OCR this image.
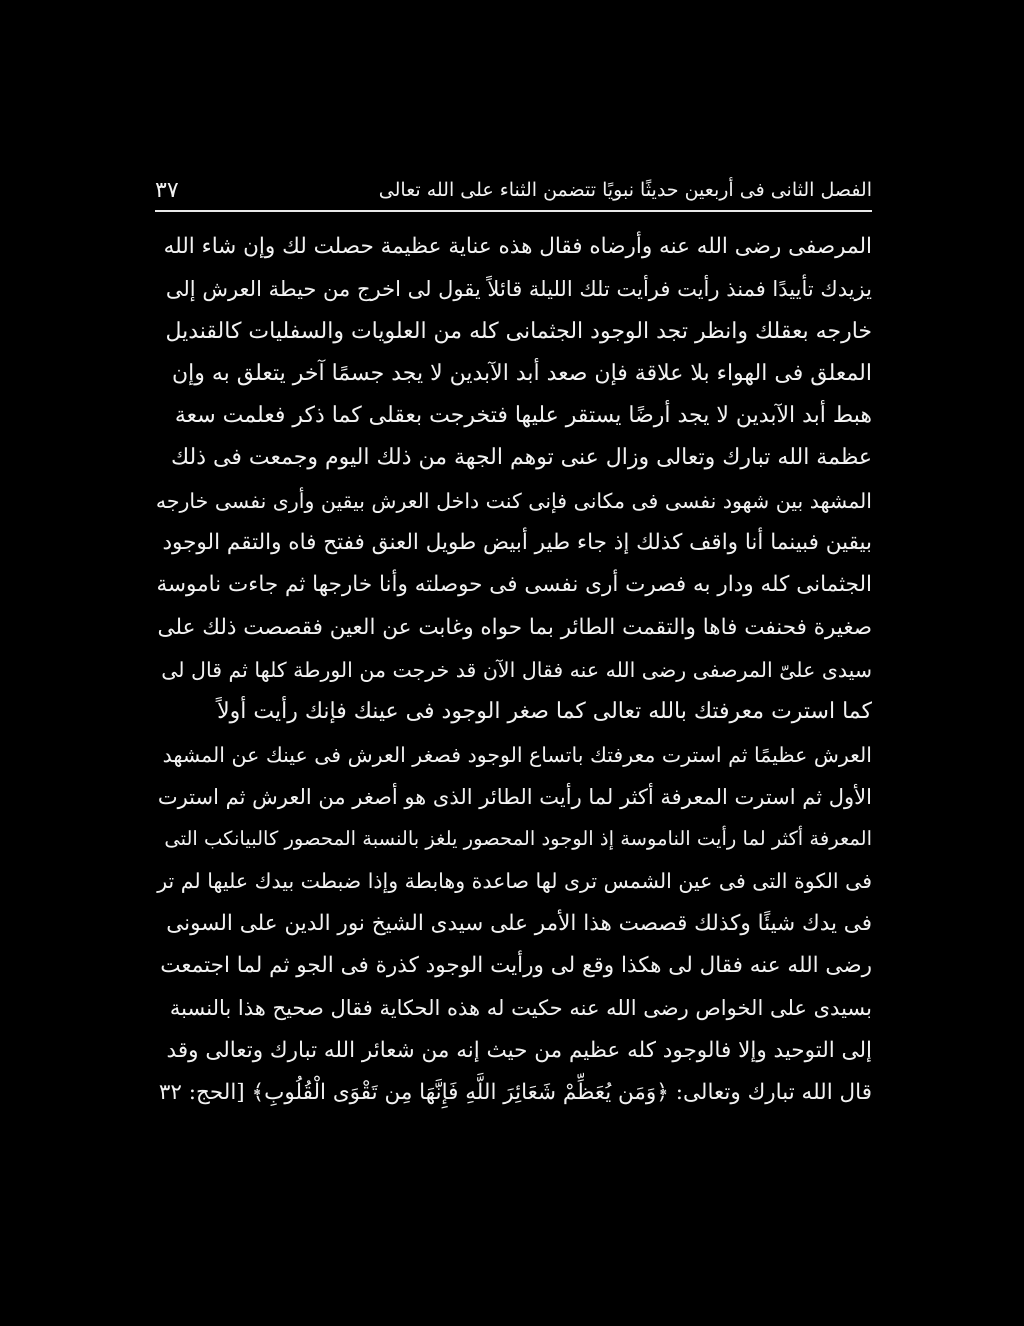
الفصل الثانى فى أربعين حديثًا نبويًا تتضمن الثناء على الله تعالى
٣٧
المرصفى رضى الله عنه وأرضاه فقال هذه عناية عظيمة حصلت لك وإن شاء الله
يزيدك تأييدًا فمنذ رأيت فرأيت تلك الليلة قائلاً يقول لى اخرج من حيطة العرش إلى
خارجه بعقلك وانظر تجد الوجود الجثمانى كله من العلويات والسفليات كالقنديل
المعلق فى الهواء بلا علاقة فإن صعد أبد الآبدين لا يجد جسمًا آخر يتعلق به وإن
هبط أبد الآبدين لا يجد أرضًا يستقر عليها فتخرجت بعقلى كما ذكر فعلمت سعة
عظمة الله تبارك وتعالى وزال عنى توهم الجهة من ذلك اليوم وجمعت فى ذلك
المشهد بين شهود نفسى فى مكانى فإنى كنت داخل العرش بيقين وأرى نفسى خارجه
بيقين فبينما أنا واقف كذلك إذ جاء طير أبيض طويل العنق ففتح فاه والتقم الوجود
الجثمانى كله ودار به فصرت أرى نفسى فى حوصلته وأنا خارجها ثم جاءت ناموسة
صغيرة فحنفت فاها والتقمت الطائر بما حواه وغابت عن العين فقصصت ذلك على
سيدى علىّ المرصفى رضى الله عنه فقال الآن قد خرجت من الورطة كلها ثم قال لى
كما استرت معرفتك بالله تعالى كما صغر الوجود فى عينك فإنك رأيت أولاً
العرش عظيمًا ثم استرت معرفتك باتساع الوجود فصغر العرش فى عينك عن المشهد
الأول ثم استرت المعرفة أكثر لما رأيت الطائر الذى هو أصغر من العرش ثم استرت
المعرفة أكثر لما رأيت الناموسة إذ الوجود المحصور يلغز بالنسبة المحصور كالبيانكب التى
فى الكوة التى فى عين الشمس ترى لها صاعدة وهابطة وإذا ضبطت بيدك عليها لم تر
فى يدك شيئًا وكذلك قصصت هذا الأمر على سيدى الشيخ نور الدين على السونى
رضى الله عنه فقال لى هكذا وقع لى ورأيت الوجود كذرة فى الجو ثم لما اجتمعت
بسيدى على الخواص رضى الله عنه حكيت له هذه الحكاية فقال صحيح هذا بالنسبة
إلى التوحيد وإلا فالوجود كله عظيم من حيث إنه من شعائر الله تبارك وتعالى وقد
قال الله تبارك وتعالى: ﴿وَمَن يُعَظِّمْ شَعَائِرَ اللَّهِ فَإِنَّهَا مِن تَقْوَى الْقُلُوبِ﴾ [الحج: ٣٢
